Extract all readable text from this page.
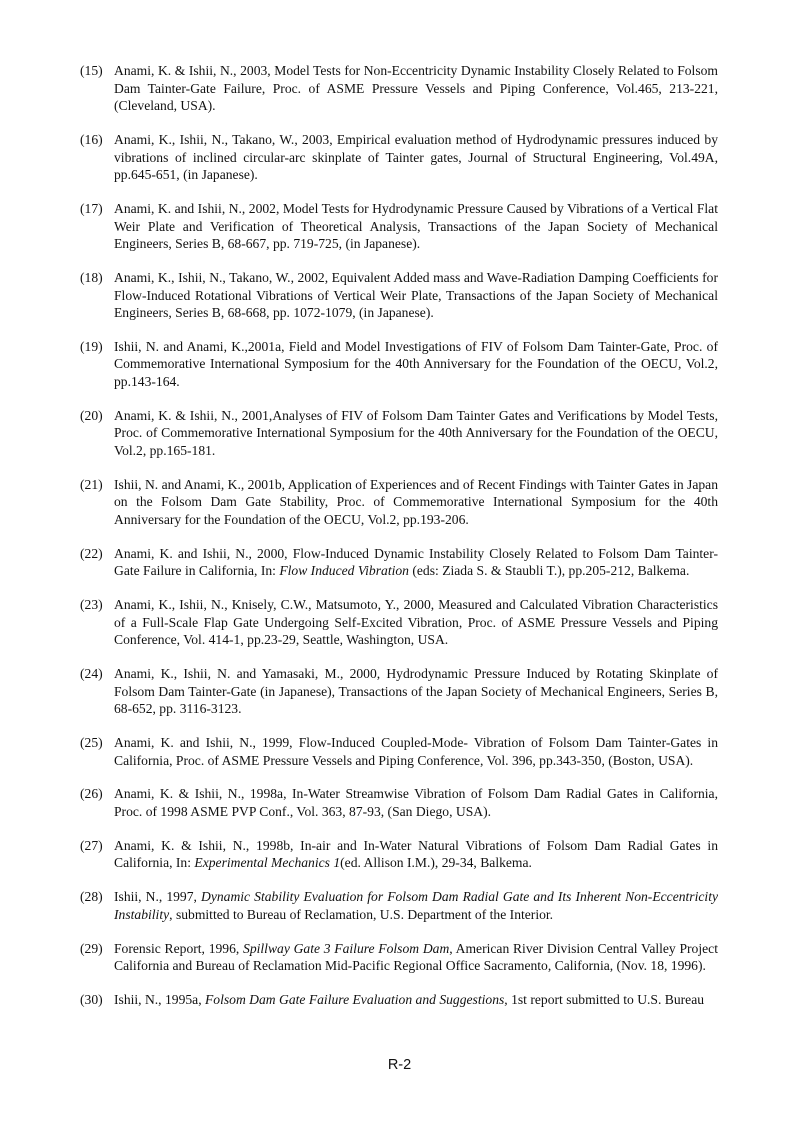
(15) Anami, K. & Ishii, N., 2003, Model Tests for Non-Eccentricity Dynamic Instability Closely Related to Folsom Dam Tainter-Gate Failure, Proc. of ASME Pressure Vessels and Piping Conference, Vol.465, 213-221, (Cleveland, USA).
(16) Anami, K., Ishii, N., Takano, W., 2003, Empirical evaluation method of Hydrodynamic pressures induced by vibrations of inclined circular-arc skinplate of Tainter gates, Journal of Structural Engineering, Vol.49A, pp.645-651, (in Japanese).
(17) Anami, K. and Ishii, N., 2002, Model Tests for Hydrodynamic Pressure Caused by Vibrations of a Vertical Flat Weir Plate and Verification of Theoretical Analysis, Transactions of the Japan Society of Mechanical Engineers, Series B, 68-667, pp. 719-725, (in Japanese).
(18) Anami, K., Ishii, N., Takano, W., 2002, Equivalent Added mass and Wave-Radiation Damping Coefficients for Flow-Induced Rotational Vibrations of Vertical Weir Plate, Transactions of the Japan Society of Mechanical Engineers, Series B, 68-668, pp. 1072-1079, (in Japanese).
(19) Ishii, N. and Anami, K.,2001a, Field and Model Investigations of FIV of Folsom Dam Tainter-Gate, Proc. of Commemorative International Symposium for the 40th Anniversary for the Foundation of the OECU, Vol.2, pp.143-164.
(20) Anami, K. & Ishii, N., 2001,Analyses of FIV of Folsom Dam Tainter Gates and Verifications by Model Tests, Proc. of Commemorative International Symposium for the 40th Anniversary for the Foundation of the OECU, Vol.2, pp.165-181.
(21) Ishii, N. and Anami, K., 2001b, Application of Experiences and of Recent Findings with Tainter Gates in Japan on the Folsom Dam Gate Stability, Proc. of Commemorative International Symposium for the 40th Anniversary for the Foundation of the OECU, Vol.2, pp.193-206.
(22) Anami, K. and Ishii, N., 2000, Flow-Induced Dynamic Instability Closely Related to Folsom Dam Tainter-Gate Failure in California, In: Flow Induced Vibration (eds: Ziada S. & Staubli T.), pp.205-212, Balkema.
(23) Anami, K., Ishii, N., Knisely, C.W., Matsumoto, Y., 2000, Measured and Calculated Vibration Characteristics of a Full-Scale Flap Gate Undergoing Self-Excited Vibration, Proc. of ASME Pressure Vessels and Piping Conference, Vol. 414-1, pp.23-29, Seattle, Washington, USA.
(24) Anami, K., Ishii, N. and Yamasaki, M., 2000, Hydrodynamic Pressure Induced by Rotating Skinplate of Folsom Dam Tainter-Gate (in Japanese), Transactions of the Japan Society of Mechanical Engineers, Series B, 68-652, pp. 3116-3123.
(25) Anami, K. and Ishii, N., 1999, Flow-Induced Coupled-Mode- Vibration of Folsom Dam Tainter-Gates in California, Proc. of ASME Pressure Vessels and Piping Conference, Vol. 396, pp.343-350, (Boston, USA).
(26) Anami, K. & Ishii, N., 1998a, In-Water Streamwise Vibration of Folsom Dam Radial Gates in California, Proc. of 1998 ASME PVP Conf., Vol. 363, 87-93, (San Diego, USA).
(27) Anami, K. & Ishii, N., 1998b, In-air and In-Water Natural Vibrations of Folsom Dam Radial Gates in California, In: Experimental Mechanics 1(ed. Allison I.M.), 29-34, Balkema.
(28) Ishii, N., 1997, Dynamic Stability Evaluation for Folsom Dam Radial Gate and Its Inherent Non-Eccentricity Instability, submitted to Bureau of Reclamation, U.S. Department of the Interior.
(29) Forensic Report, 1996, Spillway Gate 3 Failure Folsom Dam, American River Division Central Valley Project California and Bureau of Reclamation Mid-Pacific Regional Office Sacramento, California, (Nov. 18, 1996).
(30) Ishii, N., 1995a, Folsom Dam Gate Failure Evaluation and Suggestions, 1st report submitted to U.S. Bureau
R-2
